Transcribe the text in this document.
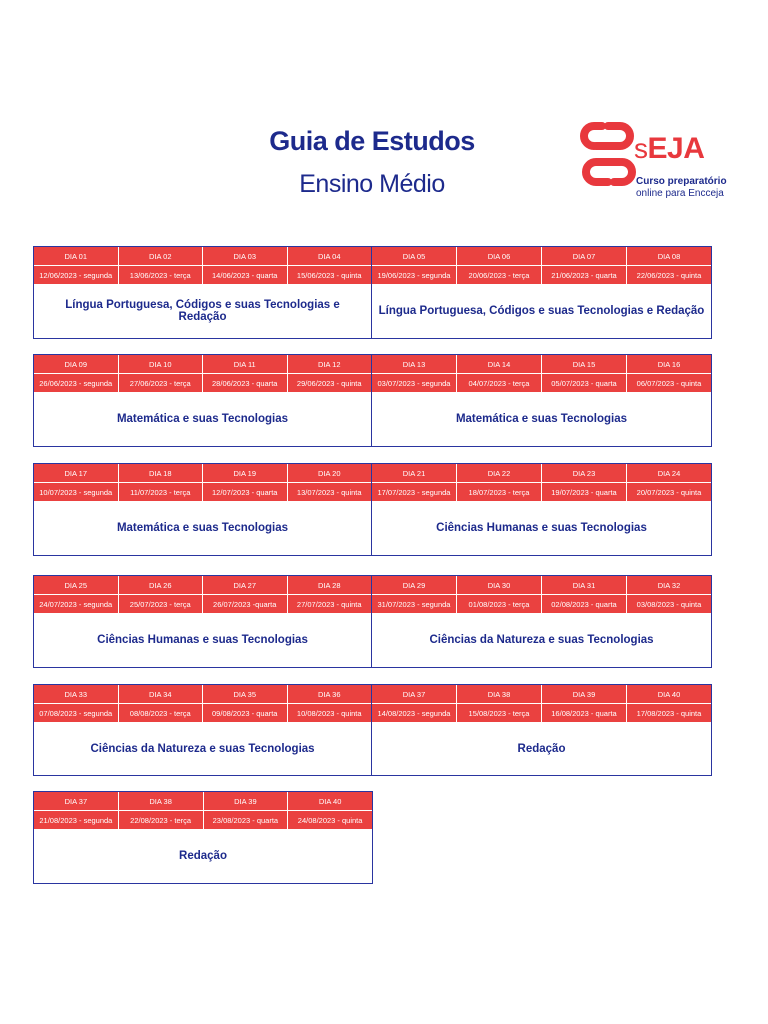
Guia de Estudos
Ensino Médio
sEJA
Curso preparatório
online para Encceja
DIA 01	DIA 02	DIA 03	DIA 04
12/06/2023 - segunda	13/06/2023 - terça	14/06/2023 - quarta	15/06/2023 - quinta
Língua Portuguesa, Códigos e suas Tecnologias e Redação
DIA 05	DIA 06	DIA 07	DIA 08
19/06/2023 - segunda	20/06/2023 - terça	21/06/2023 - quarta	22/06/2023 - quinta
Língua Portuguesa, Códigos e suas Tecnologias e Redação
DIA 09	DIA 10	DIA 11	DIA 12
26/06/2023 - segunda	27/06/2023 - terça	28/06/2023 - quarta	29/06/2023 - quinta
Matemática e suas Tecnologias
DIA 13	DIA 14	DIA 15	DIA 16
03/07/2023 - segunda	04/07/2023 - terça	05/07/2023 - quarta	06/07/2023 - quinta
Matemática e suas Tecnologias
DIA 17	DIA 18	DIA 19	DIA 20
10/07/2023 - segunda	11/07/2023 - terça	12/07/2023 - quarta	13/07/2023 - quinta
Matemática e suas Tecnologias
DIA 21	DIA 22	DIA 23	DIA 24
17/07/2023 - segunda	18/07/2023 - terça	19/07/2023 - quarta	20/07/2023 - quinta
Ciências Humanas e suas Tecnologias
DIA 25	DIA 26	DIA 27	DIA 28
24/07/2023 - segunda	25/07/2023 - terça	26/07/2023 -quarta	27/07/2023 - quinta
Ciências Humanas e suas Tecnologias
DIA 29	DIA 30	DIA 31	DIA 32
31/07/2023 - segunda	01/08/2023 - terça	02/08/2023 - quarta	03/08/2023 - quinta
Ciências da Natureza e suas Tecnologias
DIA 33	DIA 34	DIA 35	DIA 36
07/08/2023 - segunda	08/08/2023 - terça	09/08/2023 - quarta	10/08/2023 - quinta
Ciências da Natureza e suas Tecnologias
DIA 37	DIA 38	DIA 39	DIA 40
14/08/2023 - segunda	15/08/2023 - terça	16/08/2023 - quarta	17/08/2023 - quinta
Redação
DIA 37	DIA 38	DIA 39	DIA 40
21/08/2023 - segunda	22/08/2023 - terça	23/08/2023 - quarta	24/08/2023 - quinta
Redação
